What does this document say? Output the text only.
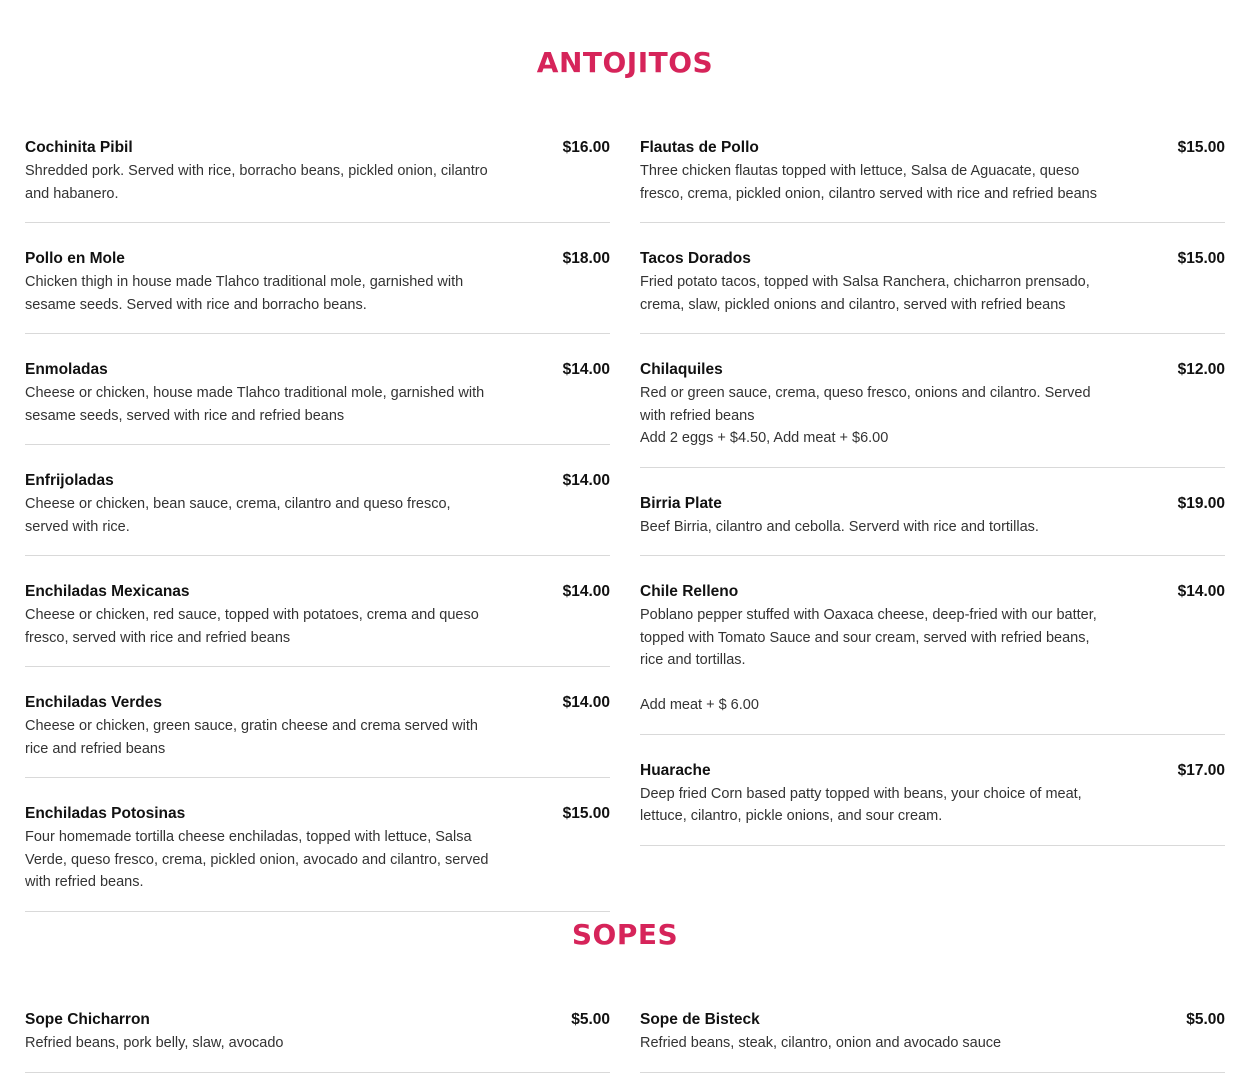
ANTOJITOS
Cochinita Pibil	$16.00
Shredded pork. Served with rice, borracho beans, pickled onion, cilantro and habanero.
Pollo en Mole	$18.00
Chicken thigh in house made Tlahco traditional mole, garnished with sesame seeds. Served with rice and borracho beans.
Enmoladas	$14.00
Cheese or chicken, house made Tlahco traditional mole, garnished with sesame seeds, served with rice and refried beans
Enfrijoladas	$14.00
Cheese or chicken, bean sauce, crema, cilantro and queso fresco, served with rice.
Enchiladas Mexicanas	$14.00
Cheese or chicken, red sauce, topped with potatoes, crema and queso fresco, served with rice and refried beans
Enchiladas Verdes	$14.00
Cheese or chicken, green sauce, gratin cheese and crema served with rice and refried beans
Enchiladas Potosinas	$15.00
Four homemade tortilla cheese enchiladas, topped with lettuce, Salsa Verde, queso fresco, crema, pickled onion, avocado and cilantro, served with refried beans.
Flautas de Pollo	$15.00
Three chicken flautas topped with lettuce, Salsa de Aguacate, queso fresco, crema, pickled onion, cilantro served with rice and refried beans
Tacos Dorados	$15.00
Fried potato tacos, topped with Salsa Ranchera, chicharron prensado, crema, slaw, pickled onions and cilantro, served with refried beans
Chilaquiles	$12.00
Red or green sauce, crema, queso fresco, onions and cilantro. Served with refried beans
Add 2 eggs + $4.50, Add meat + $6.00
Birria Plate	$19.00
Beef Birria, cilantro and cebolla. Serverd with rice and tortillas.
Chile Relleno	$14.00
Poblano pepper stuffed with Oaxaca cheese, deep-fried with our batter, topped with Tomato Sauce and sour cream, served with refried beans, rice and tortillas.

Add meat + $ 6.00
Huarache	$17.00
Deep fried Corn based patty topped with beans, your choice of meat, lettuce, cilantro, pickle onions, and sour cream.
SOPES
Sope Chicharron	$5.00
Refried beans, pork belly, slaw, avocado
Sope de Bisteck	$5.00
Refried beans, steak, cilantro, onion and avocado sauce
